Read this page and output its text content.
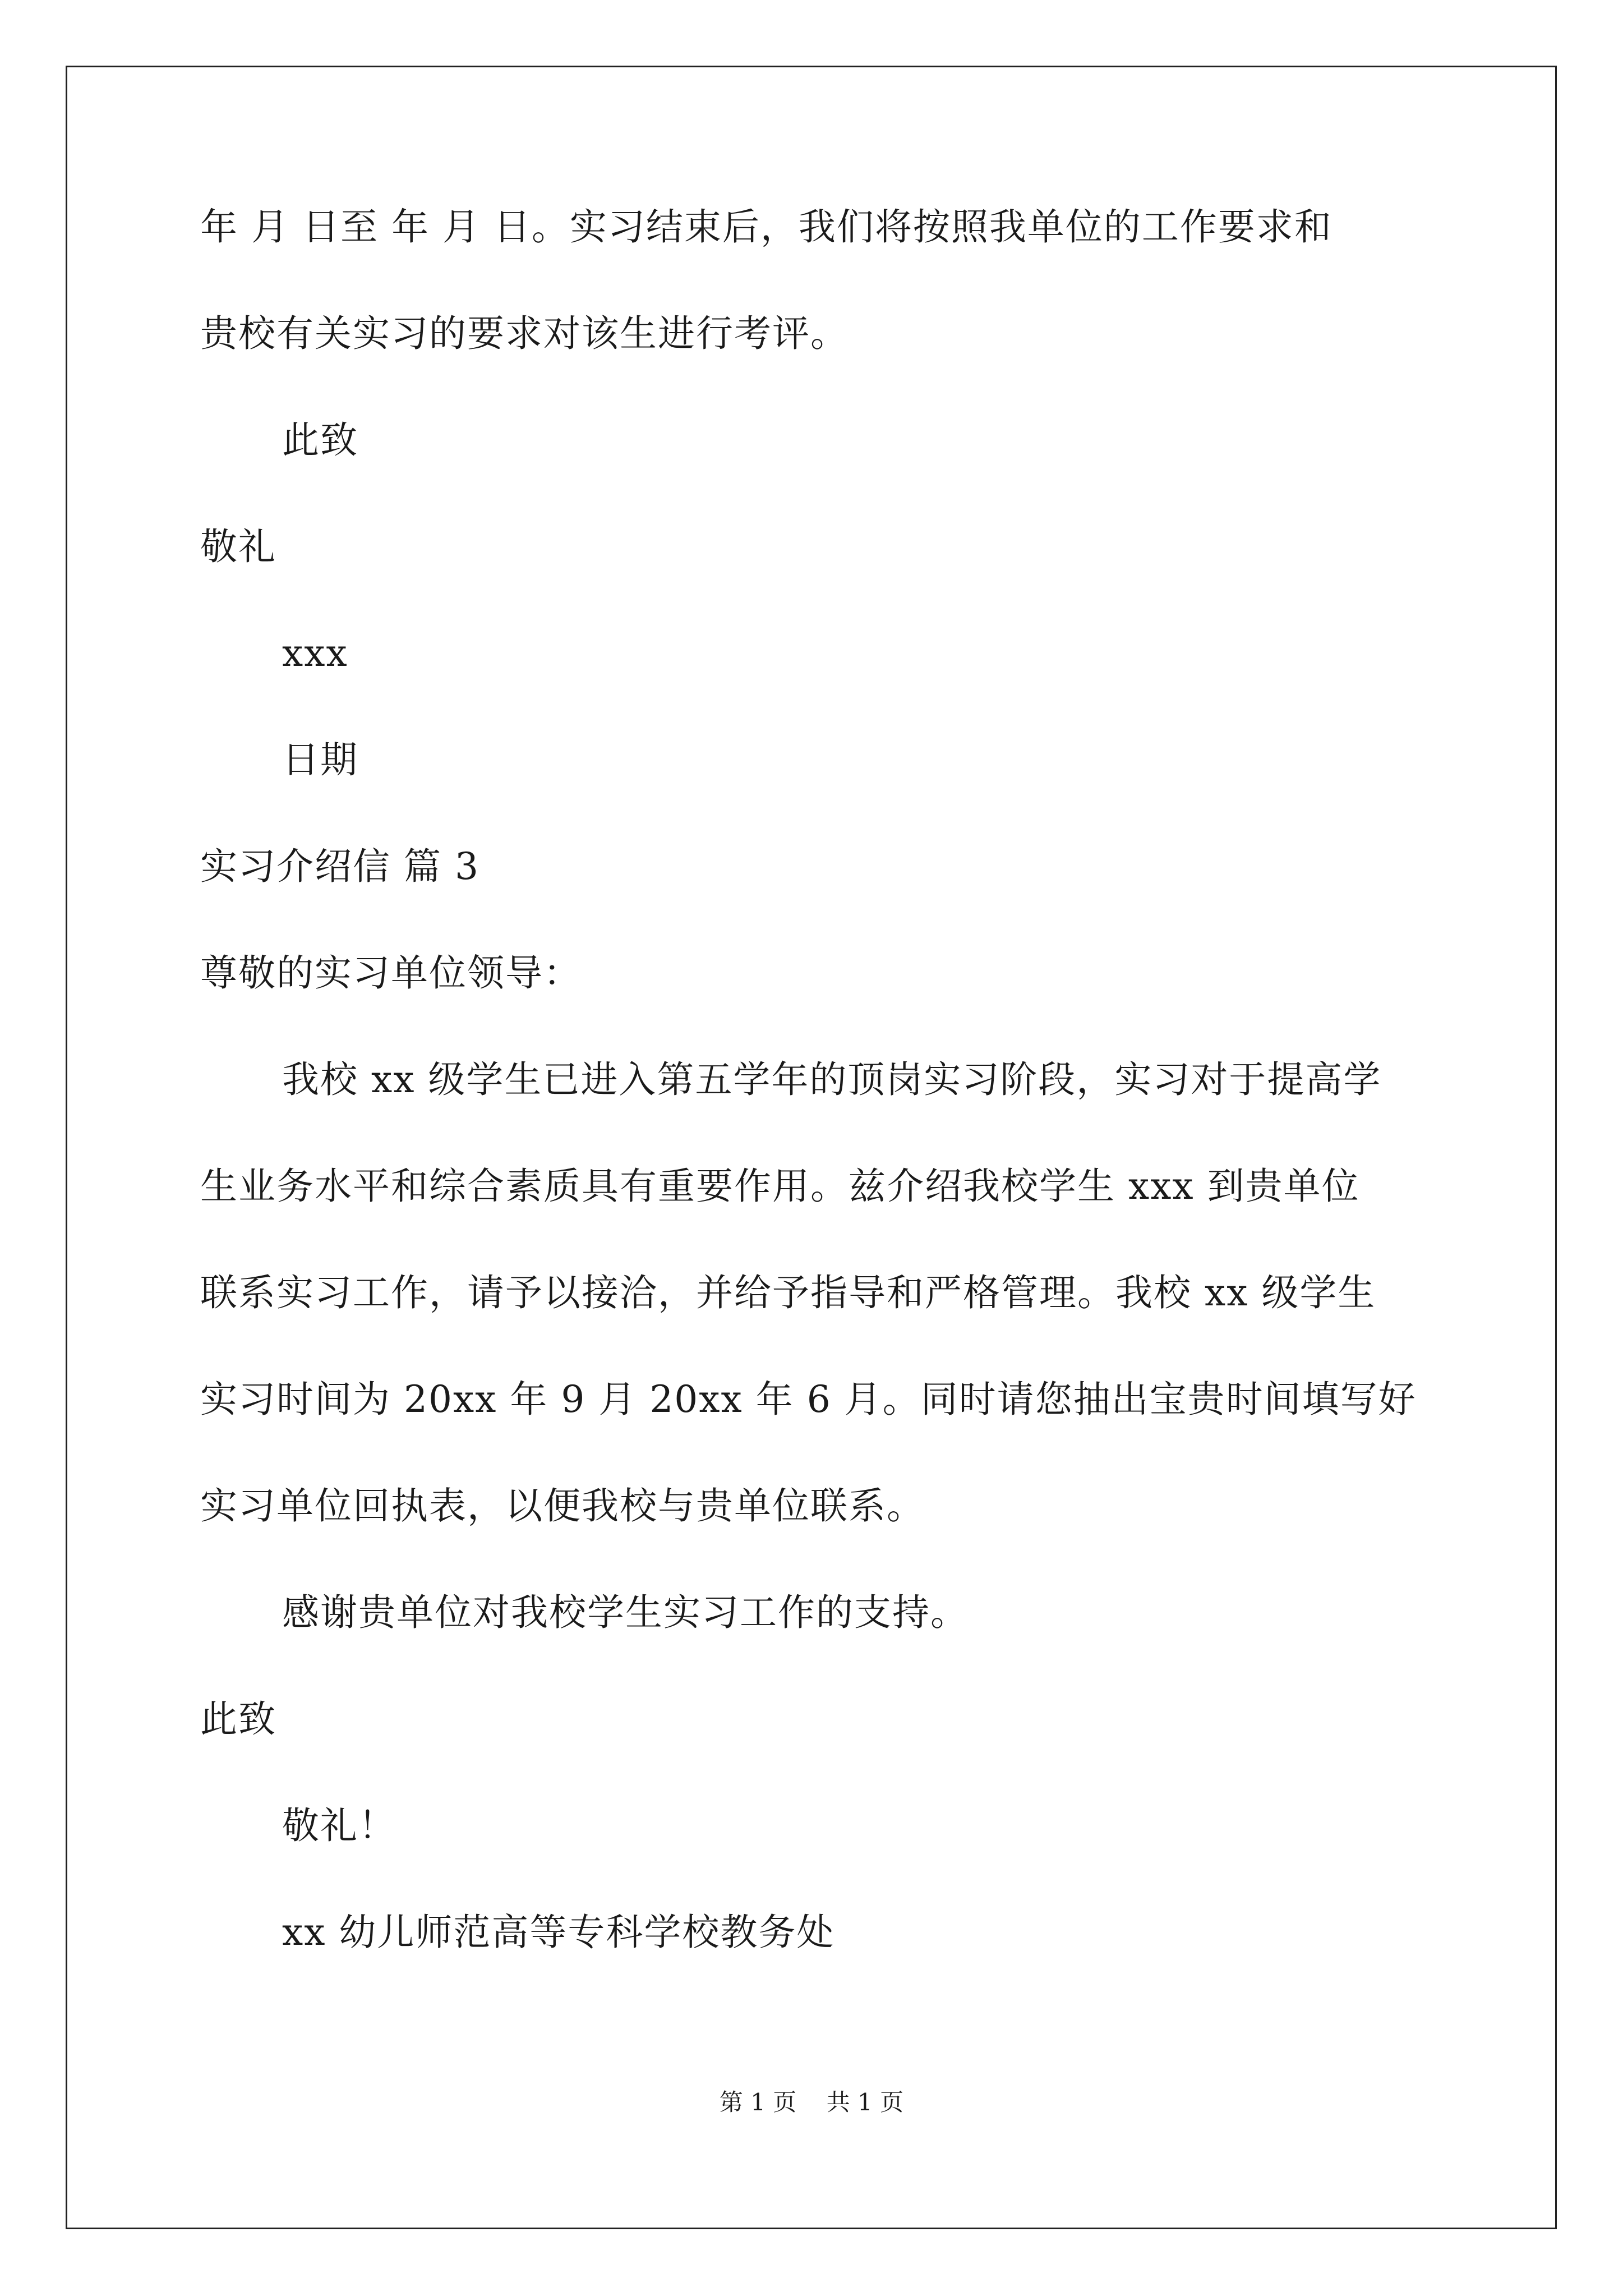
年 月 日至 年 月 日。实习结束后，我们将按照我单位的工作要求和
贵校有关实习的要求对该生进行考评。
此致
敬礼
xxx
日期
实习介绍信 篇 3
尊敬的实习单位领导：
我校 xx 级学生已进入第五学年的顶岗实习阶段，实习对于提高学
生业务水平和综合素质具有重要作用。兹介绍我校学生 xxx 到贵单位
联系实习工作，请予以接洽，并给予指导和严格管理。我校 xx 级学生
实习时间为 20xx 年 9 月 20xx 年 6 月。同时请您抽出宝贵时间填写好
实习单位回执表，以便我校与贵单位联系。
感谢贵单位对我校学生实习工作的支持。
此致
敬礼！
xx 幼儿师范高等专科学校教务处
第 1 页    共 1 页
